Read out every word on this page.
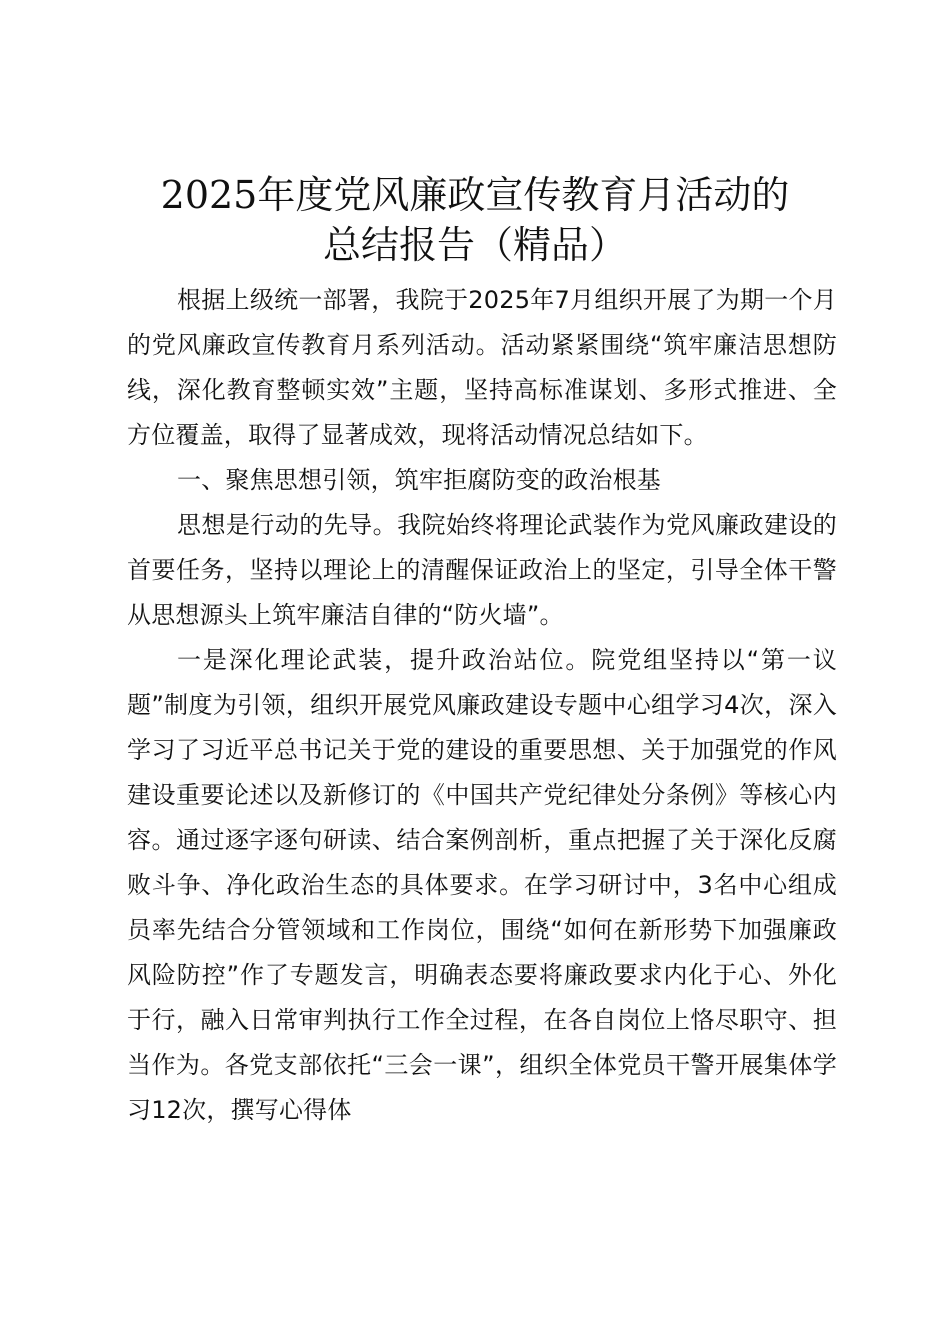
2025年度党风廉政宣传教育月活动的
总结报告（精品）

根据上级统一部署，我院于2025年7月组织开展了为期一个月的党风廉政宣传教育月系列活动。活动紧紧围绕“筑牢廉洁思想防线，深化教育整顿实效”主题，坚持高标准谋划、多形式推进、全方位覆盖，取得了显著成效，现将活动情况总结如下。

一、聚焦思想引领，筑牢拒腐防变的政治根基

思想是行动的先导。我院始终将理论武装作为党风廉政建设的首要任务，坚持以理论上的清醒保证政治上的坚定，引导全体干警从思想源头上筑牢廉洁自律的“防火墙”。

一是深化理论武装，提升政治站位。院党组坚持以“第一议题”制度为引领，组织开展党风廉政建设专题中心组学习4次，深入学习了习近平总书记关于党的建设的重要思想、关于加强党的作风建设重要论述以及新修订的《中国共产党纪律处分条例》等核心内容。通过逐字逐句研读、结合案例剖析，重点把握了关于深化反腐败斗争、净化政治生态的具体要求。在学习研讨中，3名中心组成员率先结合分管领域和工作岗位，围绕“如何在新形势下加强廉政风险防控”作了专题发言，明确表态要将廉政要求内化于心、外化于行，融入日常审判执行工作全过程，在各自岗位上恪尽职守、担当作为。各党支部依托“三会一课”，组织全体党员干警开展集体学习12次，撰写心得体
